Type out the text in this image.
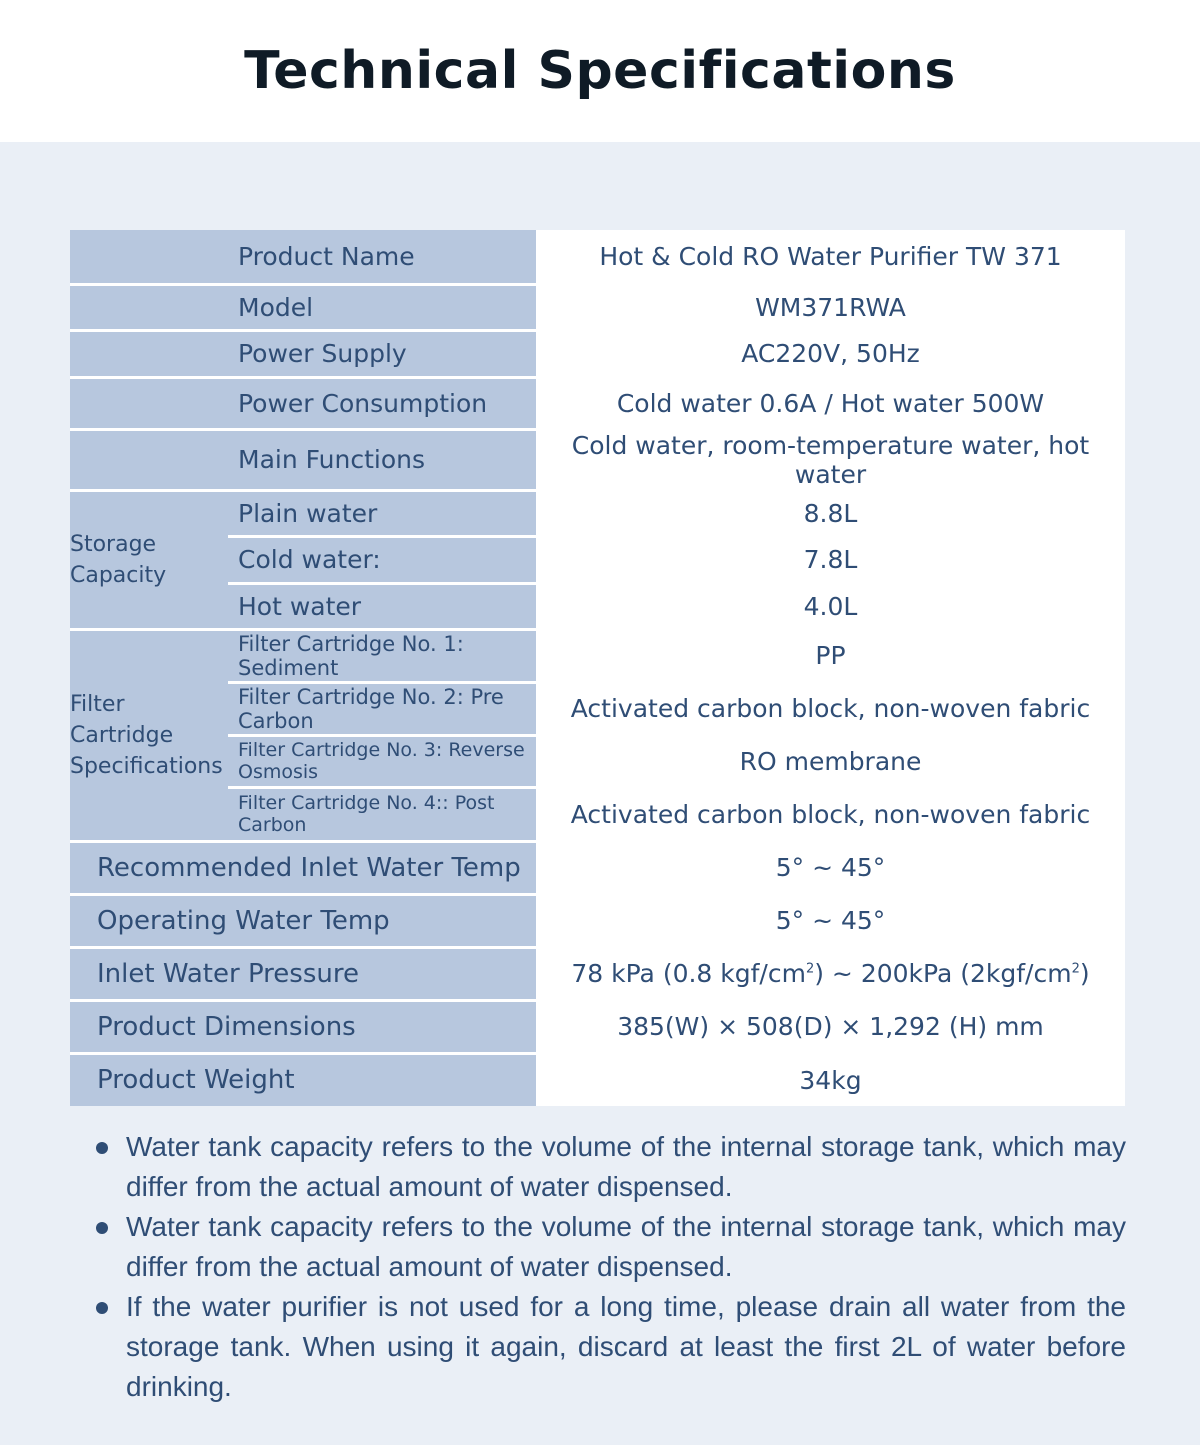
Technical Specifications
	Product Name	Hot & Cold RO Water Purifier TW 371
	Model	WM371RWA
	Power Supply	AC220V, 50Hz
	Power Consumption	Cold water 0.6A / Hot water 500W
	Main Functions	Cold water, room-temperature water, hot water

Storage
Capacity	Plain water	8.8L
	Cold water:	7.8L
	Hot water	4.0L

Filter
Cartridge
Specifications	Filter Cartridge No. 1: Sediment	PP
	Filter Cartridge No. 2: Pre Carbon	Activated carbon block, non-woven fabric
	Filter Cartridge No. 3: Reverse Osmosis	RO membrane
	Filter Cartridge No. 4:: Post Carbon	Activated carbon block, non-woven fabric
Recommended Inlet Water Temp		5° ~ 45°
Operating Water Temp		5° ~ 45°
Inlet Water Pressure		78 kPa (0.8 kgf/$cm^2$) ~ 200kPa $(2kgf/cm^2)$
Product Dimensions		385(W) × 508(D) × 1,292 (H) mm
Product Weight		34kg
Water tank capacity refers to the volume of the internal storage tank, which may differ from the actual amount of water dispensed.
Water tank capacity refers to the volume of the internal storage tank, which may differ from the actual amount of water dispensed.
If the water purifier is not used for a long time, please drain all water from the storage tank. When using it again, discard at least the first 2L of water before drinking.
